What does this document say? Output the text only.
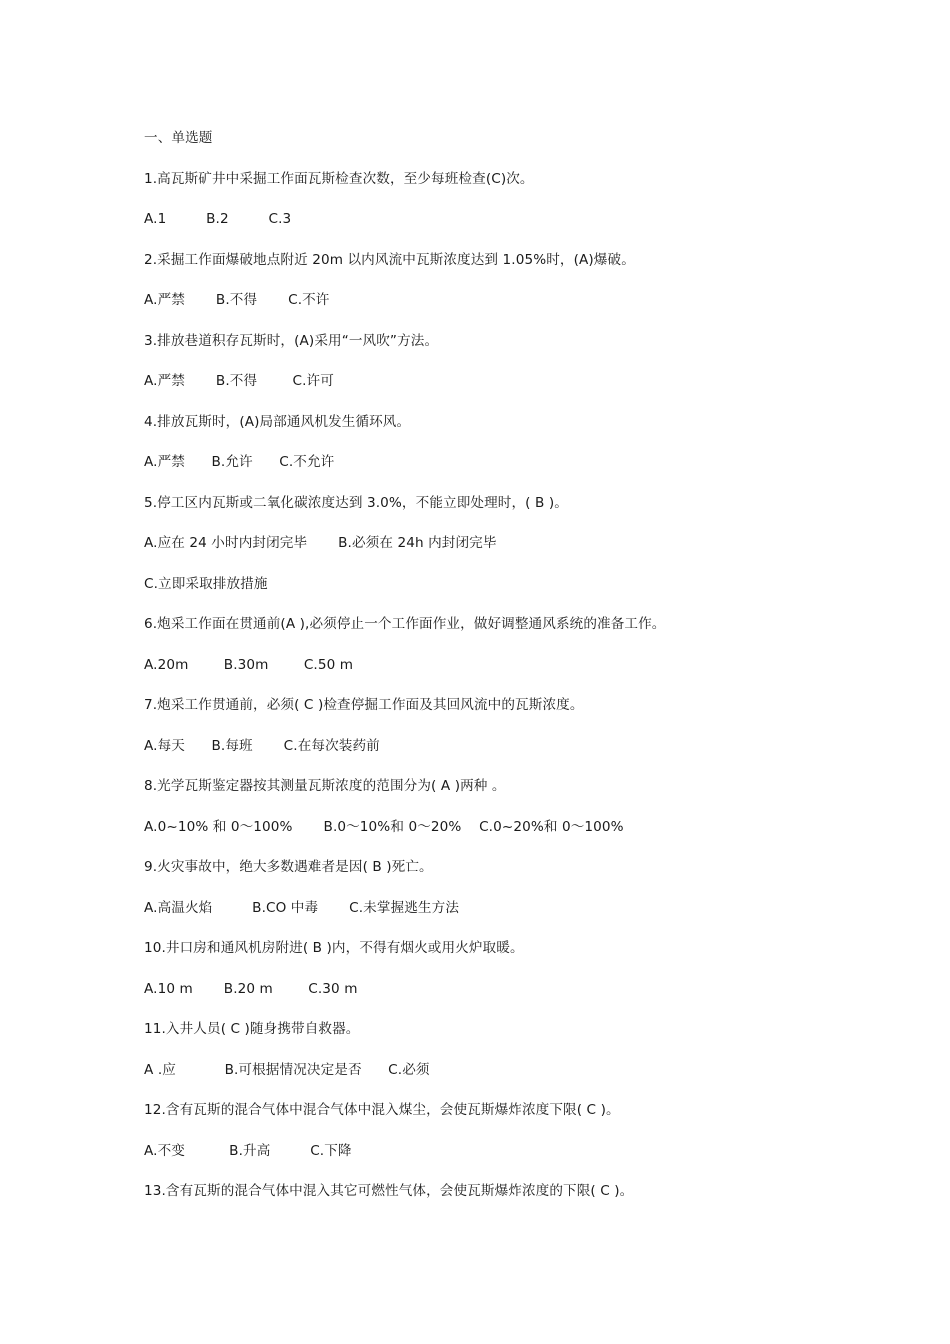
一、单选题
1.高瓦斯矿井中采掘工作面瓦斯检查次数，至少每班检查(C)次。
A.1         B.2         C.3
2.采掘工作面爆破地点附近 20m 以内风流中瓦斯浓度达到 1.05%时，(A)爆破。
A.严禁       B.不得       C.不许
3.排放巷道积存瓦斯时，(A)采用“一风吹”方法。
A.严禁       B.不得        C.许可
4.排放瓦斯时，(A)局部通风机发生循环风。
A.严禁      B.允许      C.不允许
5.停工区内瓦斯或二氧化碳浓度达到 3.0%，不能立即处理时，( B )。
A.应在 24 小时内封闭完毕       B.必须在 24h 内封闭完毕
C.立即采取排放措施
6.炮采工作面在贯通前(A ),必须停止一个工作面作业，做好调整通风系统的准备工作。
A.20m        B.30m        C.50 m
7.炮采工作贯通前，必须( C )检查停掘工作面及其回风流中的瓦斯浓度。
A.每天      B.每班       C.在每次装药前
8.光学瓦斯鉴定器按其测量瓦斯浓度的范围分为( A )两种 。
A.0~10% 和 0～100%       B.0～10%和 0～20%    C.0~20%和 0～100%
9.火灾事故中，绝大多数遇难者是因( B )死亡。
A.高温火焰         B.CO 中毒       C.未掌握逃生方法
10.井口房和通风机房附进( B )内，不得有烟火或用火炉取暖。
A.10 m       B.20 m        C.30 m
11.入井人员( C )随身携带自救器。
A .应           B.可根据情况决定是否      C.必须
12.含有瓦斯的混合气体中混合气体中混入煤尘，会使瓦斯爆炸浓度下限( C )。
A.不变          B.升高         C.下降
13.含有瓦斯的混合气体中混入其它可燃性气体，会使瓦斯爆炸浓度的下限( C )。
